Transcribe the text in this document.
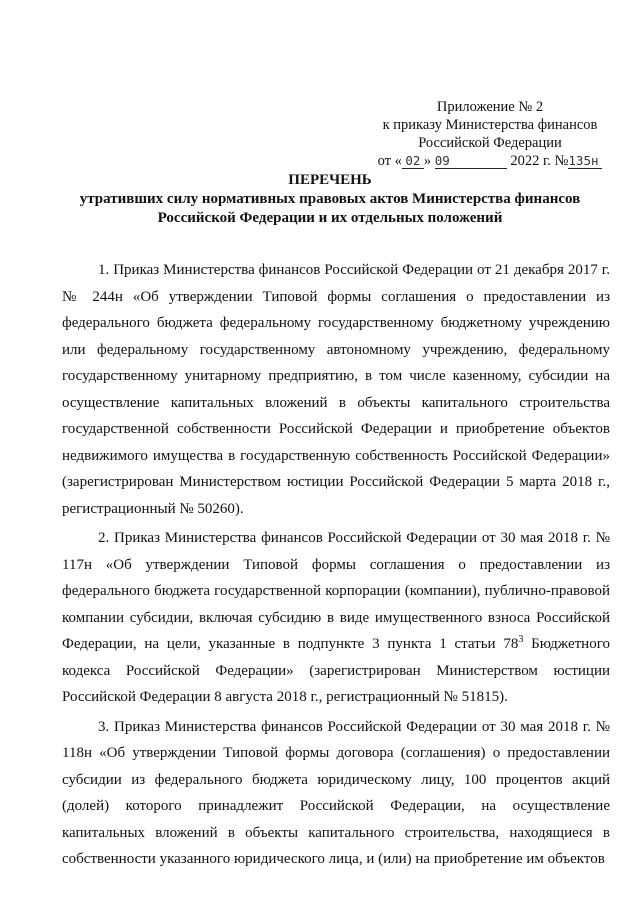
Приложение № 2
к приказу Министерства финансов
Российской Федерации
от « 02 » 09	2022 г. №135н
ПЕРЕЧЕНЬ
утративших силу нормативных правовых актов Министерства финансов
Российской Федерации и их отдельных положений

1. Приказ Министерства финансов Российской Федерации от 21 декабря 2017 г. № 244н «Об утверждении Типовой формы соглашения о предоставлении из федерального бюджета федеральному государственному бюджетному учреждению или федеральному государственному автономному учреждению, федеральному государственному унитарному предприятию, в том числе казенному, субсидии на осуществление капитальных вложений в объекты капитального строительства государственной собственности Российской Федерации и приобретение объектов недвижимого имущества в государственную собственность Российской Федерации» (зарегистрирован Министерством юстиции Российской Федерации 5 марта 2018 г., регистрационный № 50260).

2. Приказ Министерства финансов Российской Федерации от 30 мая 2018 г. № 117н «Об утверждении Типовой формы соглашения о предоставлении из федерального бюджета государственной корпорации (компании), публично-правовой компании субсидии, включая субсидию в виде имущественного взноса Российской Федерации, на цели, указанные в подпункте 3 пункта 1 статьи $78^3$ Бюджетного кодекса Российской Федерации» (зарегистрирован Министерством юстиции Российской Федерации 8 августа 2018 г., регистрационный № 51815).

3. Приказ Министерства финансов Российской Федерации от 30 мая 2018 г. № 118н «Об утверждении Типовой формы договора (соглашения) о предоставлении субсидии из федерального бюджета юридическому лицу, 100 процентов акций (долей) которого принадлежит Российской Федерации, на осуществление капитальных вложений в объекты капитального строительства, находящиеся в собственности указанного юридического лица, и (или) на приобретение им объектов
